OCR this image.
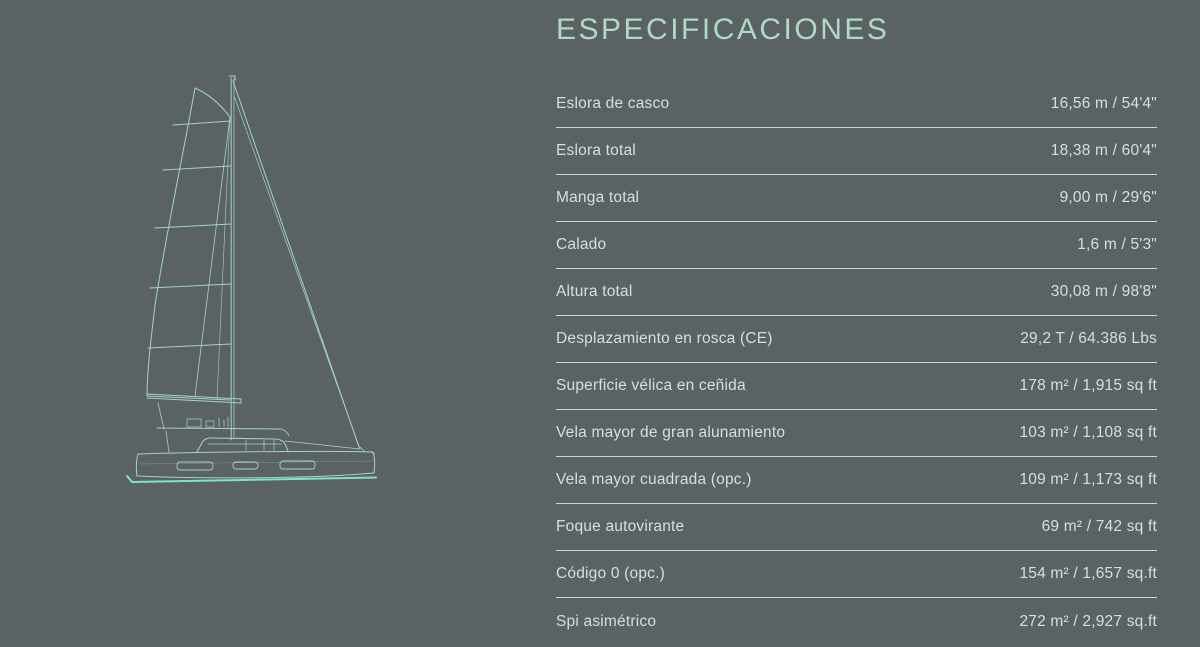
ESPECIFICACIONES
Eslora de casco	16,56 m / 54'4"
Eslora total	18,38 m / 60'4"
Manga total	9,00 m / 29'6"
Calado	1,6 m / 5'3"
Altura total	30,08 m / 98'8"
Desplazamiento en rosca (CE)	29,2 T / 64.386 Lbs
Superficie vélica en ceñida	178 m² / 1,915 sq ft
Vela mayor de gran alunamiento	103 m² / 1,108 sq ft
Vela mayor cuadrada (opc.)	109 m² / 1,173 sq ft
Foque autovirante	69 m² / 742 sq ft
Código 0 (opc.)	154 m² / 1,657 sq.ft
Spi asimétrico	272 m² / 2,927 sq.ft
